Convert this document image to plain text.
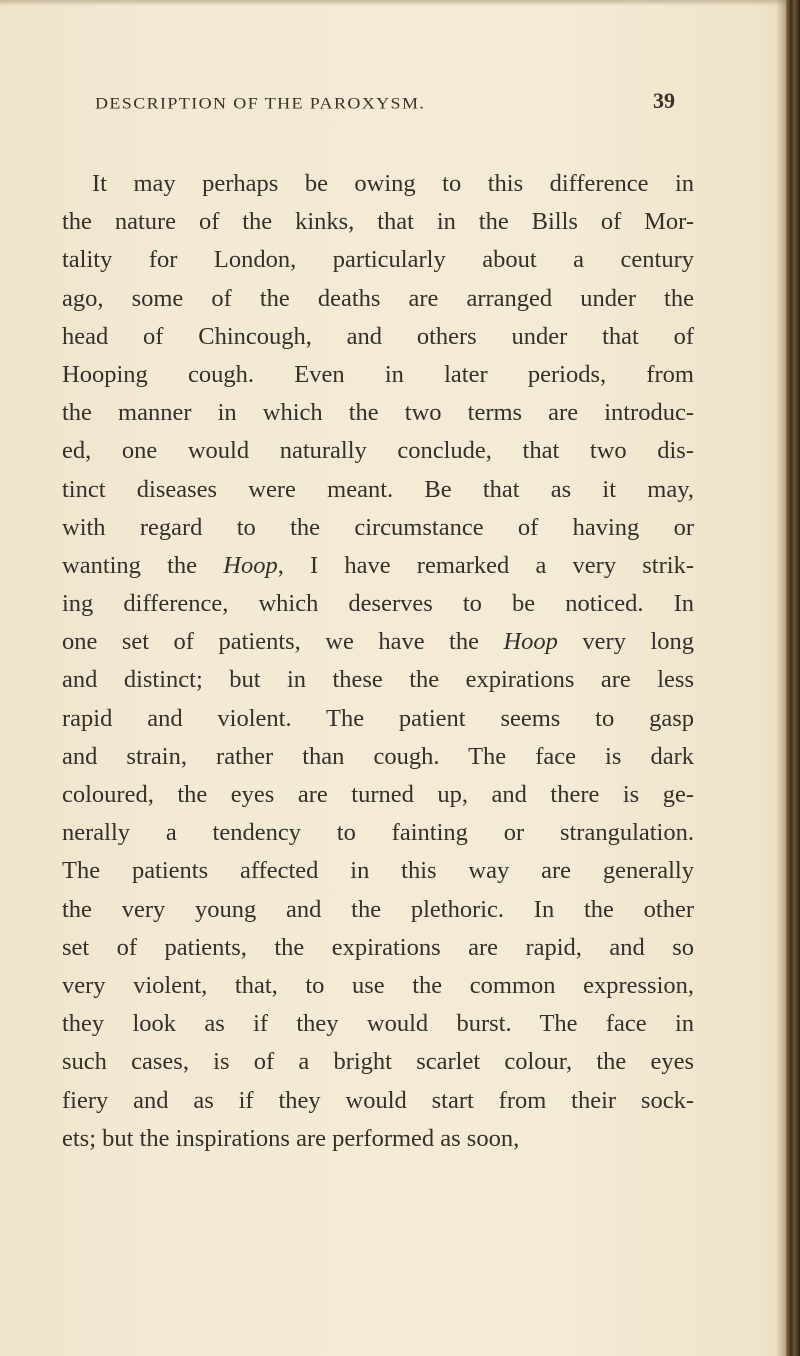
DESCRIPTION OF THE PAROXYSM.	39
It may perhaps be owing to this difference in
the nature of the kinks, that in the Bills of Mor-
tality for London, particularly about a century
ago, some of the deaths are arranged under the
head of Chincough, and others under that of
Hooping cough. Even in later periods, from
the manner in which the two terms are introduc-
ed, one would naturally conclude, that two dis-
tinct diseases were meant. Be that as it may,
with regard to the circumstance of having or
wanting the Hoop, I have remarked a very strik-
ing difference, which deserves to be noticed. In
one set of patients, we have the Hoop very long
and distinct; but in these the expirations are less
rapid and violent. The patient seems to gasp
and strain, rather than cough. The face is dark
coloured, the eyes are turned up, and there is ge-
nerally a tendency to fainting or strangulation.
The patients affected in this way are generally
the very young and the plethoric. In the other
set of patients, the expirations are rapid, and so
very violent, that, to use the common expression,
they look as if they would burst. The face in
such cases, is of a bright scarlet colour, the eyes
fiery and as if they would start from their sock-
ets; but the inspirations are performed as soon,
